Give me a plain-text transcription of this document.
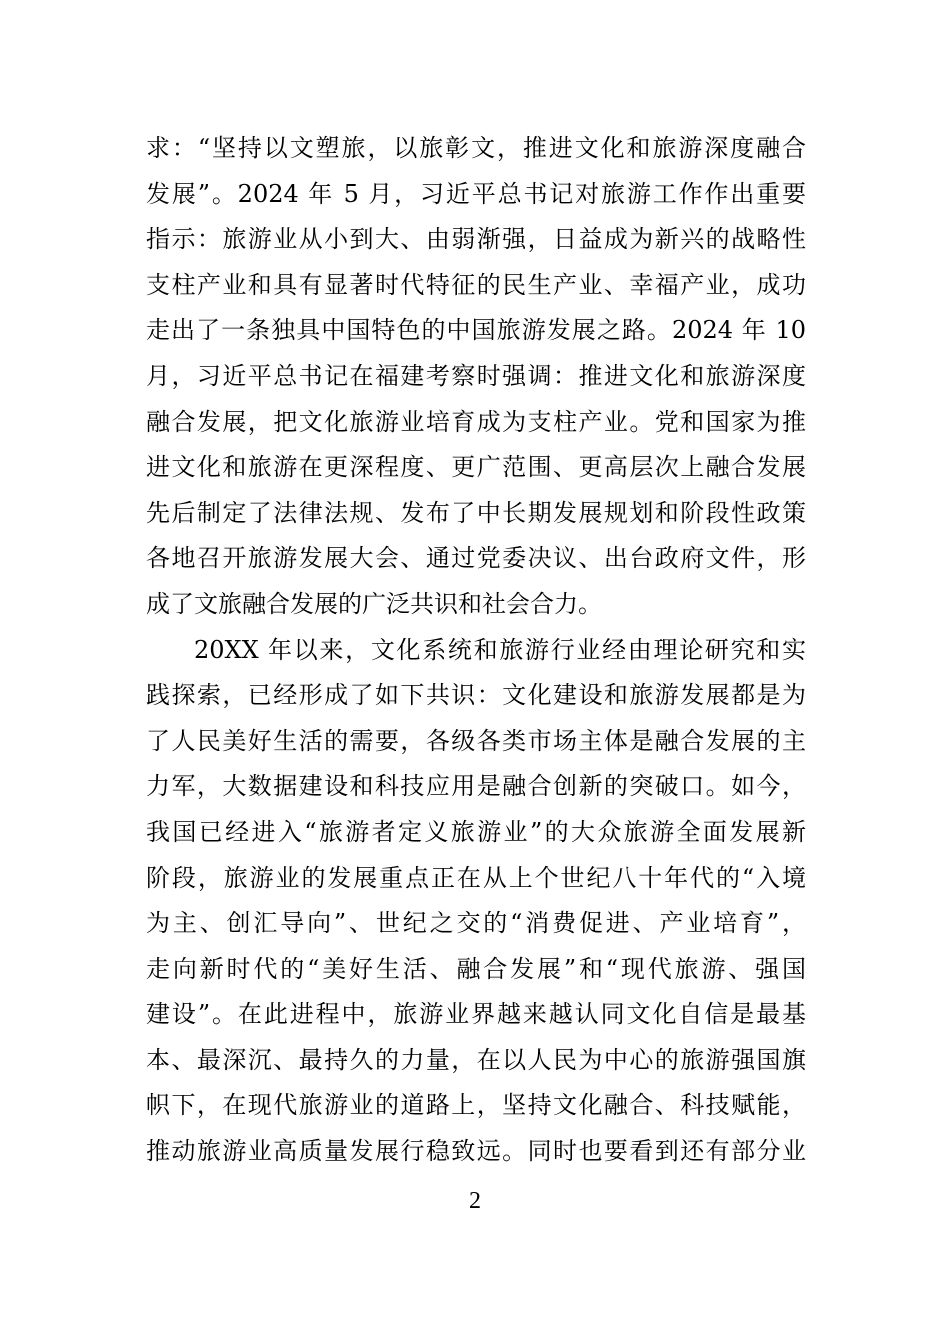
求：“坚持以文塑旅，以旅彰文，推进文化和旅游深度融合
发展”。2024 年 5 月，习近平总书记对旅游工作作出重要
指示：旅游业从小到大、由弱渐强，日益成为新兴的战略性
支柱产业和具有显著时代特征的民生产业、幸福产业，成功
走出了一条独具中国特色的中国旅游发展之路。2024 年 10
月，习近平总书记在福建考察时强调：推进文化和旅游深度
融合发展，把文化旅游业培育成为支柱产业。党和国家为推
进文化和旅游在更深程度、更广范围、更高层次上融合发展
先后制定了法律法规、发布了中长期发展规划和阶段性政策
各地召开旅游发展大会、通过党委决议、出台政府文件，形
成了文旅融合发展的广泛共识和社会合力。
20XX 年以来，文化系统和旅游行业经由理论研究和实
践探索，已经形成了如下共识：文化建设和旅游发展都是为
了人民美好生活的需要，各级各类市场主体是融合发展的主
力军，大数据建设和科技应用是融合创新的突破口。如今，
我国已经进入“旅游者定义旅游业”的大众旅游全面发展新
阶段，旅游业的发展重点正在从上个世纪八十年代的“入境
为主、创汇导向”、世纪之交的“消费促进、产业培育”，
走向新时代的“美好生活、融合发展”和“现代旅游、强国
建设”。在此进程中，旅游业界越来越认同文化自信是最基
本、最深沉、最持久的力量，在以人民为中心的旅游强国旗
帜下，在现代旅游业的道路上，坚持文化融合、科技赋能，
推动旅游业高质量发展行稳致远。同时也要看到还有部分业
2
